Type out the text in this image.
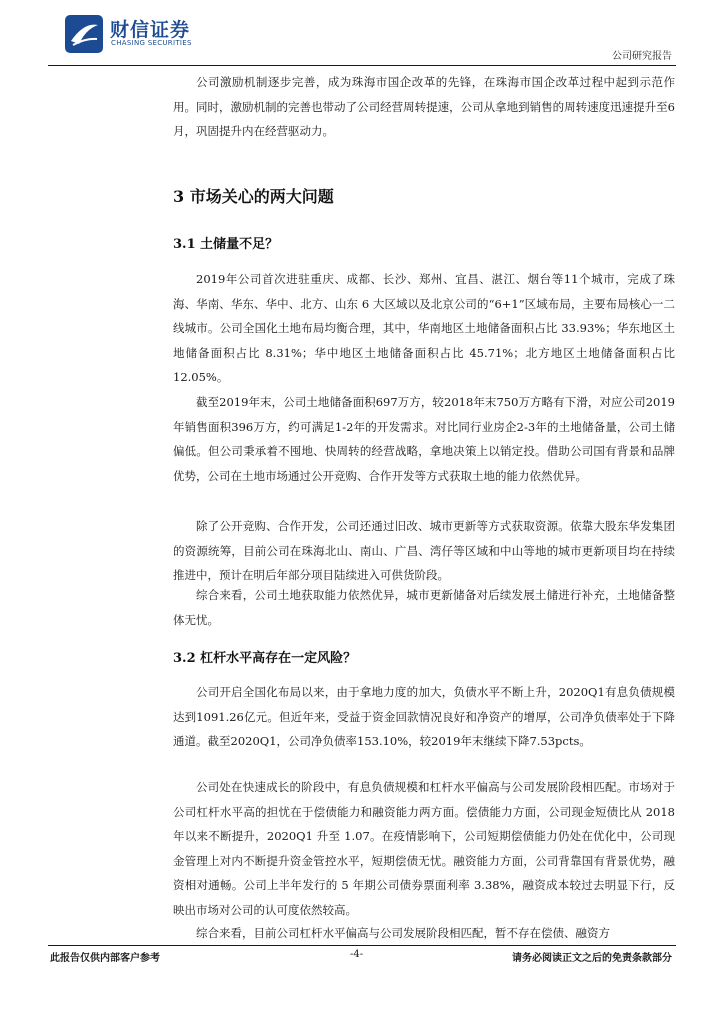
财信证券
CHASING SECURITIES
公司研究报告

公司激励机制逐步完善，成为珠海市国企改革的先锋，在珠海市国企改革过程中起到示范作用。同时，激励机制的完善也带动了公司经营周转提速，公司从拿地到销售的周转速度迅速提升至6月，巩固提升内在经营驱动力。

3 市场关心的两大问题
3.1 土储量不足？

2019年公司首次进驻重庆、成都、长沙、郑州、宜昌、湛江、烟台等11个城市，完成了珠海、华南、华东、华中、北方、山东 6 大区域以及北京公司的“6+1”区域布局，主要布局核心一二线城市。公司全国化土地布局均衡合理，其中，华南地区土地储备面积占比 33.93%；华东地区土地储备面积占比 8.31%；华中地区土地储备面积占比 45.71%；北方地区土地储备面积占比 12.05%。

截至2019年末，公司土地储备面积697万方，较2018年末750万方略有下滑，对应公司2019年销售面积396万方，约可满足1-2年的开发需求。对比同行业房企2-3年的土地储备量，公司土储偏低。但公司秉承着不囤地、快周转的经营战略，拿地决策上以销定投。借助公司国有背景和品牌优势，公司在土地市场通过公开竞购、合作开发等方式获取土地的能力依然优异。

除了公开竞购、合作开发，公司还通过旧改、城市更新等方式获取资源。依靠大股东华发集团的资源统筹，目前公司在珠海北山、南山、广昌、湾仔等区域和中山等地的城市更新项目均在持续推进中，预计在明后年部分项目陆续进入可供货阶段。

综合来看，公司土地获取能力依然优异，城市更新储备对后续发展土储进行补充，土地储备整体无忧。

3.2 杠杆水平高存在一定风险？

公司开启全国化布局以来，由于拿地力度的加大，负债水平不断上升，2020Q1有息负债规模达到1091.26亿元。但近年来，受益于资金回款情况良好和净资产的增厚，公司净负债率处于下降通道。截至2020Q1，公司净负债率153.10%，较2019年末继续下降7.53pcts。

公司处在快速成长的阶段中，有息负债规模和杠杆水平偏高与公司发展阶段相匹配。市场对于公司杠杆水平高的担忧在于偿债能力和融资能力两方面。偿债能力方面，公司现金短债比从 2018 年以来不断提升，2020Q1 升至 1.07。在疫情影响下，公司短期偿债能力仍处在优化中，公司现金管理上对内不断提升资金管控水平，短期偿债无忧。融资能力方面，公司背靠国有背景优势，融资相对通畅。公司上半年发行的 5 年期公司债券票面利率 3.38%，融资成本较过去明显下行，反映出市场对公司的认可度依然较高。

综合来看，目前公司杠杆水平偏高与公司发展阶段相匹配，暂不存在偿债、融资方

此报告仅供内部客户参考	-4-	请务必阅读正文之后的免责条款部分
